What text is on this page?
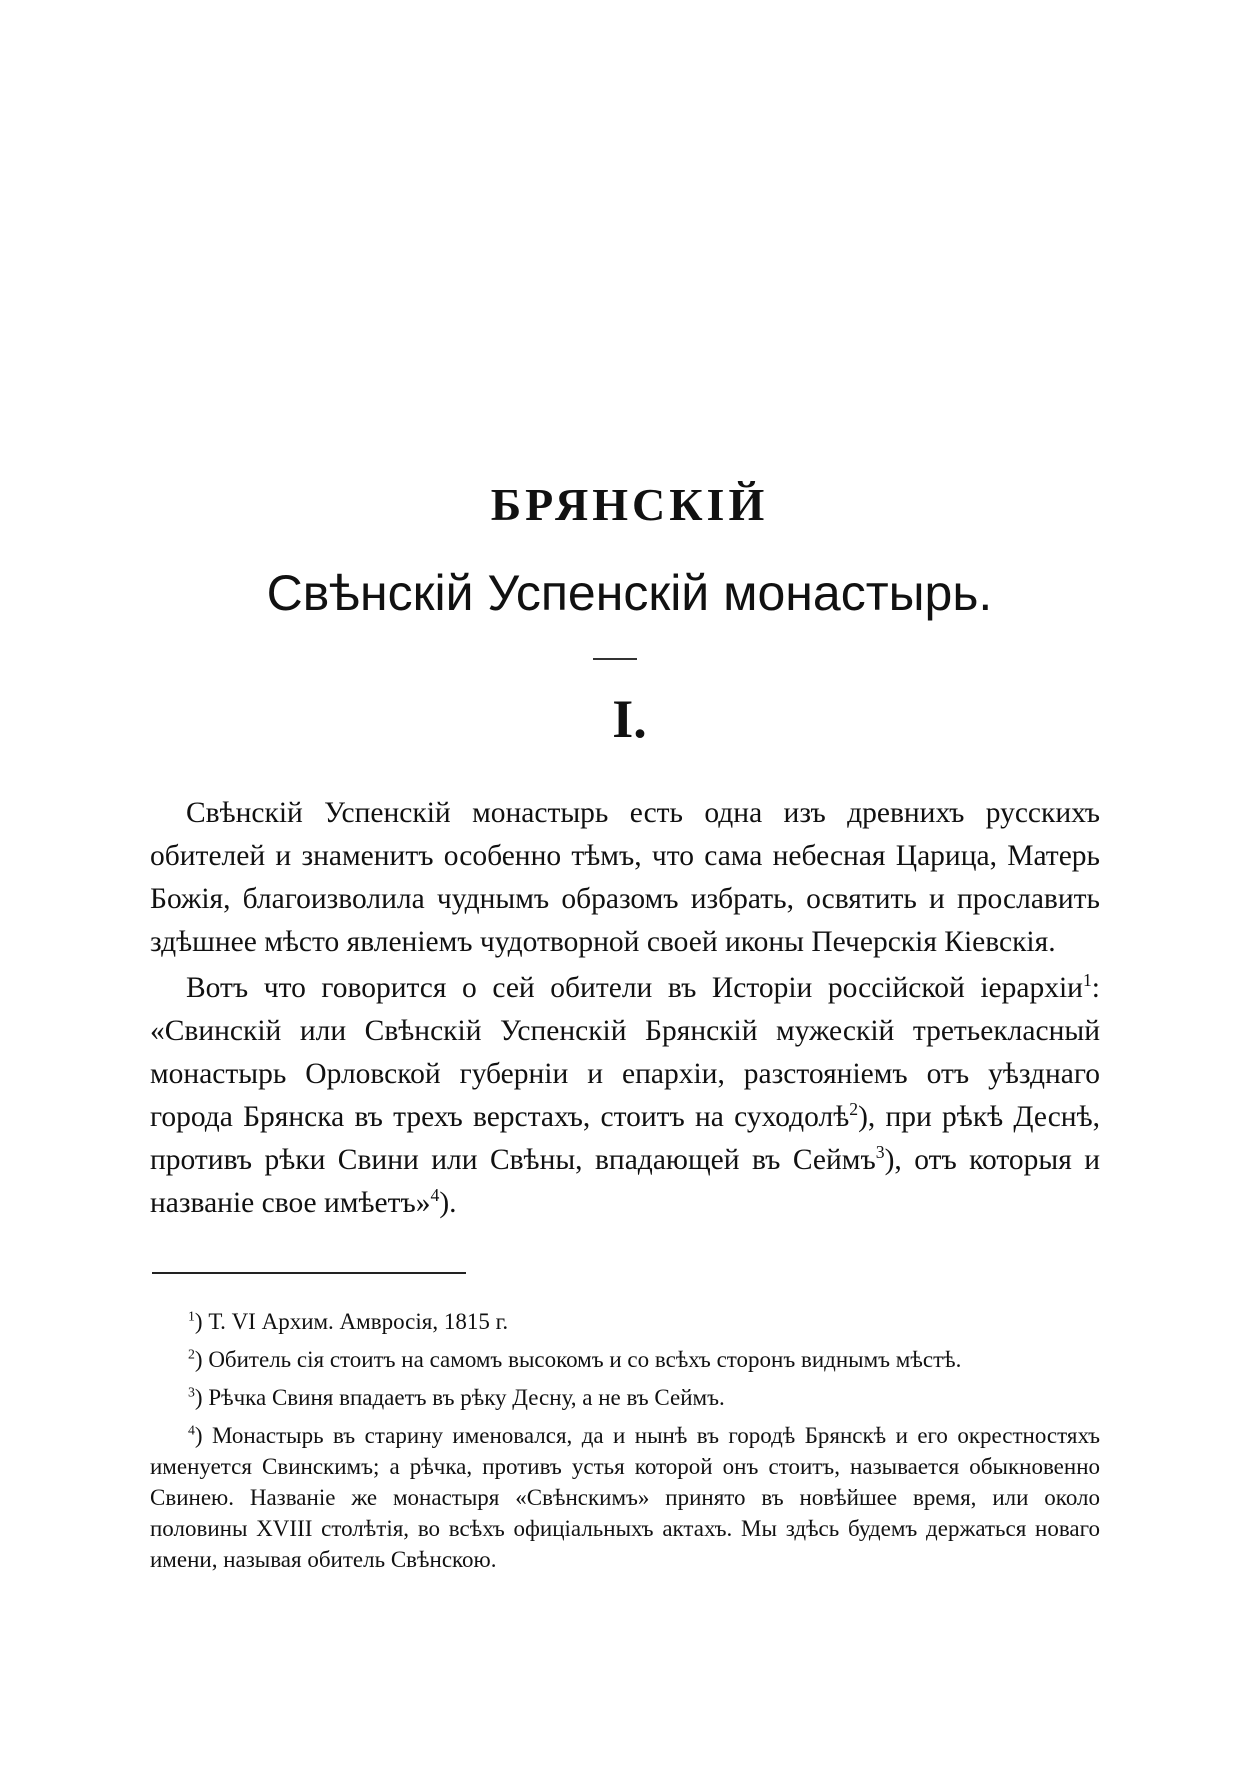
БРЯНСКІЙ
Свѣнскій Успенскій монастырь.
I.

Свѣнскій Успенскій монастырь есть одна изъ древнихъ русскихъ обителей и знаменитъ особенно тѣмъ, что сама небесная Царица, Матерь Божія, благоизволила чуднымъ образомъ избрать, освятить и прославить здѣшнее мѣсто явленіемъ чудотворной своей иконы Печерскія Кіевскія.

Вотъ что говорится о сей обители въ Исторіи россійской іерархіи$^1$: «Свинскій или Свѣнскій Успенскій Брянскій мужескій третьекласный монастырь Орловской губерніи и епархіи, разстояніемъ отъ уѣзднаго города Брянска въ трехъ верстахъ, стоитъ на суходолѣ$^2$), при рѣкѣ Деснѣ, противъ рѣки Свини или Свѣны, впадающей въ Сеймъ$^3$), отъ которыя и названіе свое имѣетъ»$^4$).

$^1$) Т. VI Архим. Амвросія, 1815 г.

$^2$) Обитель сія стоитъ на самомъ высокомъ и со всѣхъ сторонъ виднымъ мѣстѣ.

$^3$) Рѣчка Свиня впадаетъ въ рѣку Десну, а не въ Сеймъ.

$^4$) Монастырь въ старину именовался, да и нынѣ въ городѣ Брянскѣ и его окрестностяхъ именуется Свинскимъ; а рѣчка, противъ устья которой онъ стоитъ, называется обыкновенно Свинею. Названіе же монастыря «Свѣнскимъ» принято въ новѣйшее время, или около половины XVIII столѣтія, во всѣхъ офиціальныхъ актахъ. Мы здѣсь будемъ держаться новаго имени, называя обитель Свѣнскою.
